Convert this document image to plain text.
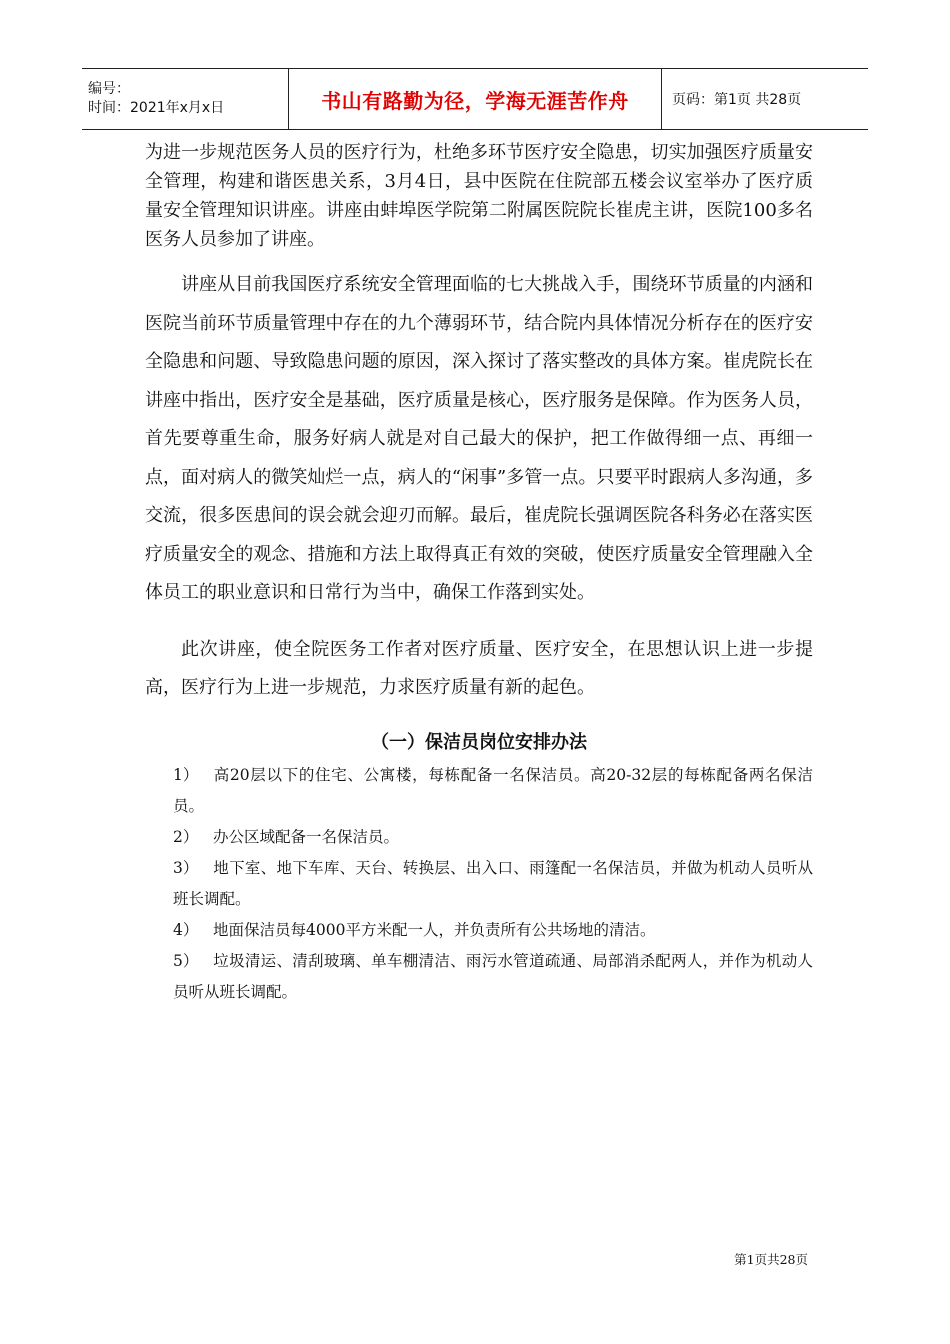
编号：
时间：2021年x月x日	书山有路勤为径，学海无涯苦作舟	页码：第1页 共28页

为进一步规范医务人员的医疗行为，杜绝多环节医疗安全隐患，切实加强医疗质量安全管理，构建和谐医患关系，3月4日，县中医院在住院部五楼会议室举办了医疗质量安全管理知识讲座。讲座由蚌埠医学院第二附属医院院长崔虎主讲，医院100多名医务人员参加了讲座。

讲座从目前我国医疗系统安全管理面临的七大挑战入手，围绕环节质量的内涵和医院当前环节质量管理中存在的九个薄弱环节，结合院内具体情况分析存在的医疗安全隐患和问题、导致隐患问题的原因，深入探讨了落实整改的具体方案。崔虎院长在讲座中指出，医疗安全是基础，医疗质量是核心，医疗服务是保障。作为医务人员，首先要尊重生命，服务好病人就是对自己最大的保护，把工作做得细一点、再细一点，面对病人的微笑灿烂一点，病人的“闲事”多管一点。只要平时跟病人多沟通，多交流，很多医患间的误会就会迎刃而解。最后，崔虎院长强调医院各科务必在落实医疗质量安全的观念、措施和方法上取得真正有效的突破，使医疗质量安全管理融入全体员工的职业意识和日常行为当中，确保工作落到实处。

此次讲座，使全院医务工作者对医疗质量、医疗安全，在思想认识上进一步提高，医疗行为上进一步规范，力求医疗质量有新的起色。

（一）保洁员岗位安排办法
1） 高20层以下的住宅、公寓楼，每栋配备一名保洁员。高20-32层的每栋配备两名保洁员。
2） 办公区域配备一名保洁员。
3） 地下室、地下车库、天台、转换层、出入口、雨篷配一名保洁员，并做为机动人员听从班长调配。
4） 地面保洁员每4000平方米配一人，并负责所有公共场地的清洁。
5） 垃圾清运、清刮玻璃、单车棚清洁、雨污水管道疏通、局部消杀配两人，并作为机动人员听从班长调配。
第1页共28页
